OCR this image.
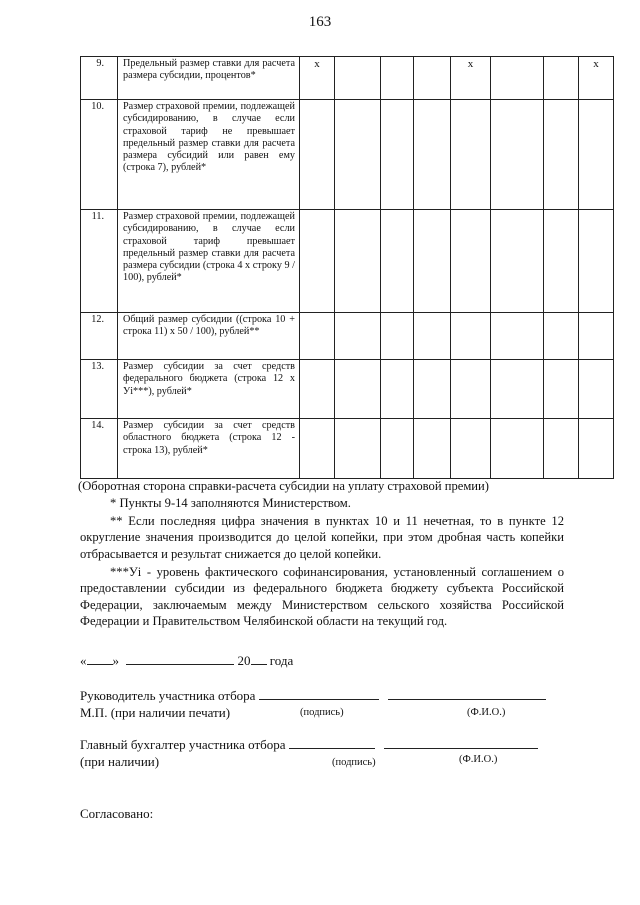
163
9.	Предельный размер ставки для расчета размера субсидии, процентов*	х				х			х
10.	Размер страховой премии, подлежащей субсидированию, в случае если страховой тариф не превышает предельный размер ставки для расчета размера субсидий или равен ему (строка 7), рублей*								
11.	Размер страховой премии, подлежащей субсидированию, в случае если страховой тариф превышает предельный размер ставки для расчета размера субсидии (строка 4 х строку 9 / 100), рублей*								
12.	Общий размер субсидии ((строка 10 + строка 11) х 50 / 100), рублей**								
13.	Размер субсидии за счет средств федерального бюджета (строка 12 х Уi***), рублей*								
14.	Размер субсидии за счет средств областного бюджета (строка 12 - строка 13), рублей*								
(Оборотная сторона справки-расчета субсидии на уплату страховой премии)
* Пункты 9-14 заполняются Министерством.
** Если последняя цифра значения в пунктах 10 и 11 нечетная, то в пункте 12 округление значения производится до целой копейки, при этом дробная часть копейки отбрасывается и результат снижается до целой копейки.
***Уi - уровень фактического софинансирования, установленный соглашением о предоставлении субсидии из федерального бюджета бюджету субъекта Российской Федерации, заключаемым между Министерством сельского хозяйства Российской Федерации и Правительством Челябинской области на текущий год.
« »	20 года
Руководитель участника отбора
М.П. (при наличии печати)	(подпись)	(Ф.И.О.)
Главный бухгалтер участника отбора
(при наличии)	(подпись)	(Ф.И.О.)
Согласовано:
